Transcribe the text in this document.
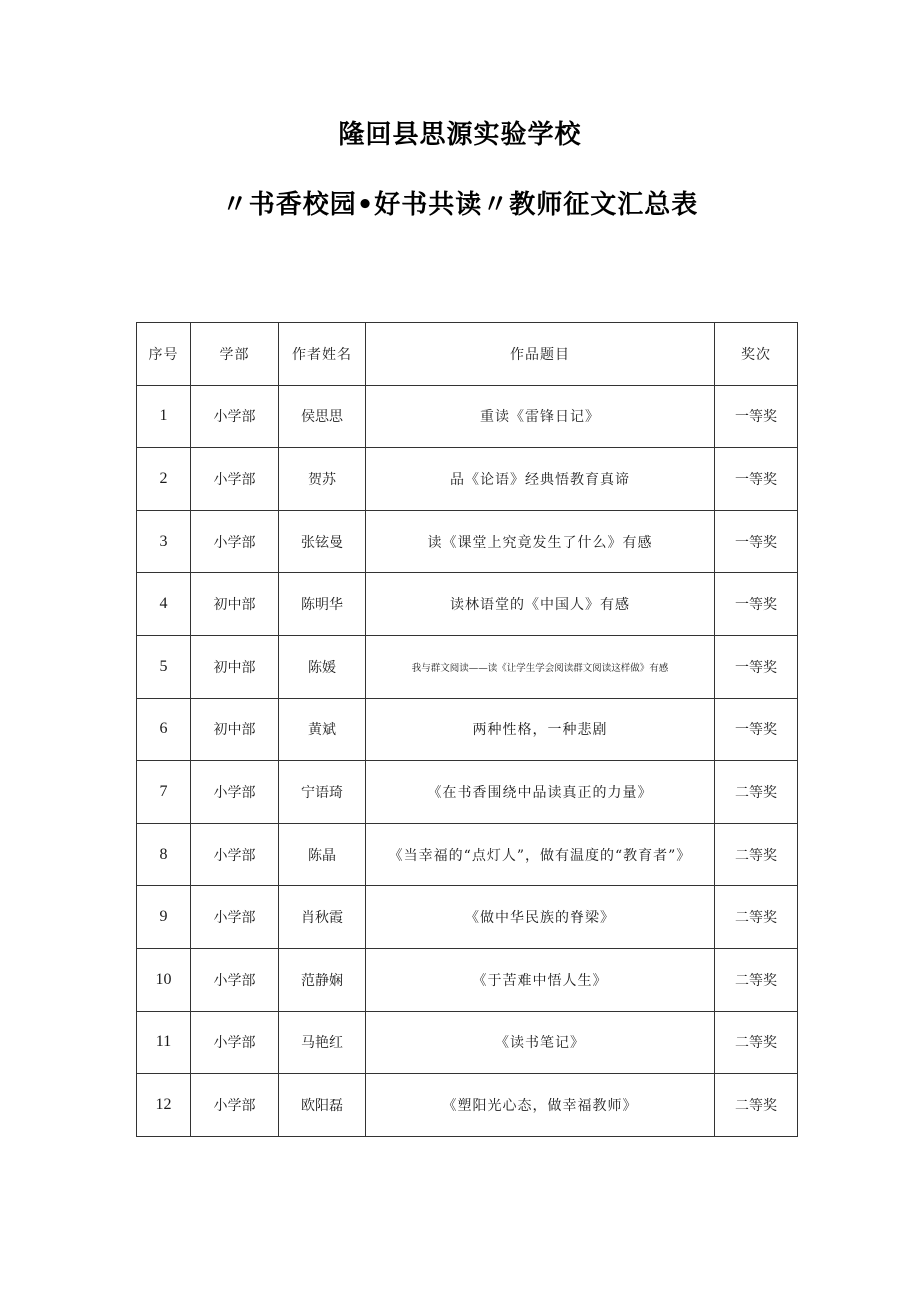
隆回县思源实验学校
〃书香校园•好书共读〃教师征文汇总表
序号	学部	作者姓名	作品题目	奖次
1	小学部	侯思思	重读《雷锋日记》	一等奖
2	小学部	贺苏	品《论语》经典悟教育真谛	一等奖
3	小学部	张铉曼	读《课堂上究竟发生了什么》有感	一等奖
4	初中部	陈明华	读林语堂的《中国人》有感	一等奖
5	初中部	陈媛	我与群文阅读——读《让学生学会阅读群文阅读这样做》有感	一等奖
6	初中部	黄斌	两种性格，一种悲剧	一等奖
7	小学部	宁语琦	《在书香围绕中品读真正的力量》	二等奖
8	小学部	陈晶	《当幸福的“点灯人”，做有温度的“教育者”》	二等奖
9	小学部	肖秋霞	《做中华民族的脊梁》	二等奖
10	小学部	范静娴	《于苦难中悟人生》	二等奖
11	小学部	马艳红	《读书笔记》	二等奖
12	小学部	欧阳磊	《塑阳光心态，做幸福教师》	二等奖
